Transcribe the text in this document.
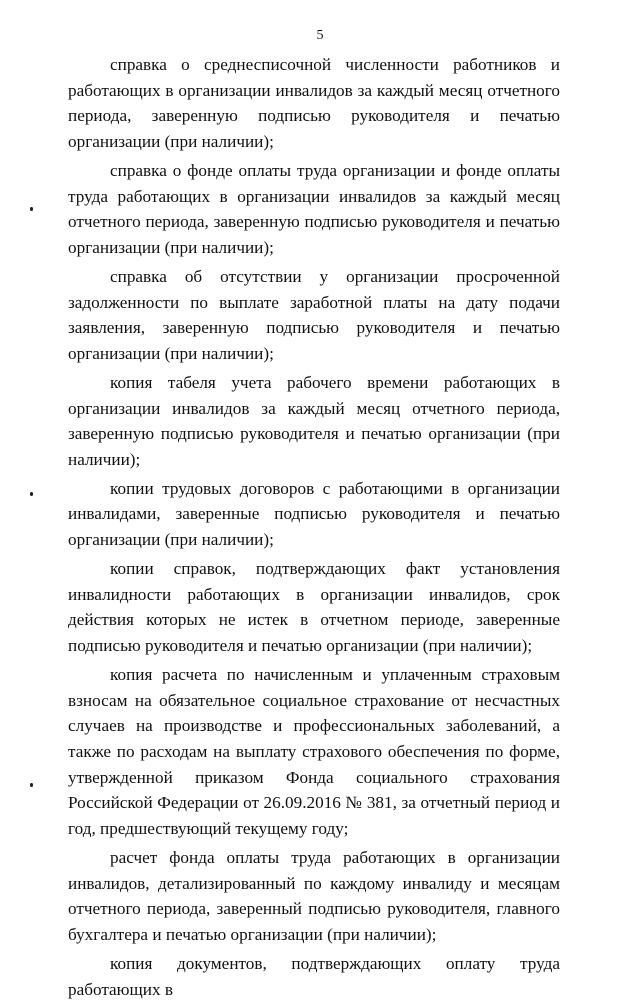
5

справка о среднесписочной численности работников и работающих в организации инвалидов за каждый месяц отчетного периода, заверенную подписью руководителя и печатью организации (при наличии);

справка о фонде оплаты труда организации и фонде оплаты труда работающих в организации инвалидов за каждый месяц отчетного периода, заверенную подписью руководителя и печатью организации (при наличии);

справка об отсутствии у организации просроченной задолженности по выплате заработной платы на дату подачи заявления, заверенную подписью руководителя и печатью организации (при наличии);

копия табеля учета рабочего времени работающих в организации инвалидов за каждый месяц отчетного периода, заверенную подписью руководителя и печатью организации (при наличии);

копии трудовых договоров с работающими в организации инвалидами, заверенные подписью руководителя и печатью организации (при наличии);

копии справок, подтверждающих факт установления инвалидности работающих в организации инвалидов, срок действия которых не истек в отчетном периоде, заверенные подписью руководителя и печатью организации (при наличии);

копия расчета по начисленным и уплаченным страховым взносам на обязательное социальное страхование от несчастных случаев на производстве и профессиональных заболеваний, а также по расходам на выплату страхового обеспечения по форме, утвержденной приказом Фонда социального страхования Российской Федерации от 26.09.2016 № 381, за отчетный период и год, предшествующий текущему году;

расчет фонда оплаты труда работающих в организации инвалидов, детализированный по каждому инвалиду и месяцам отчетного периода, заверенный подписью руководителя, главного бухгалтера и печатью организации (при наличии);

копия документов, подтверждающих оплату труда работающих в
